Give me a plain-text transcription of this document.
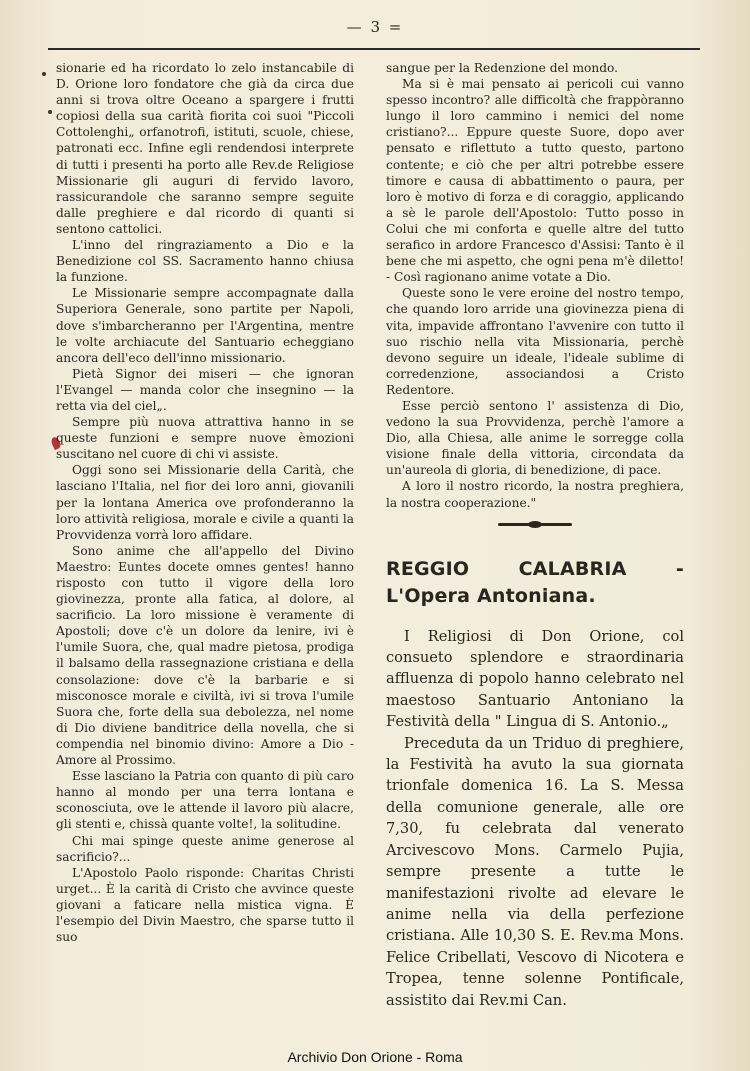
— 3 =

sionarie ed ha ricordato lo zelo instancabile di D. Orione loro fondatore che già da circa due anni si trova oltre Oceano a spargere i frutti copiosi della sua carità fiorita coi suoi "Piccoli Cottolenghi„ orfanotrofi, istituti, scuole, chiese, patronati ecc. Infine egli rendendosi interprete di tutti i presenti ha porto alle Rev.de Religiose Missionarie gli auguri di fervido lavoro, rassicurandole che saranno sempre seguite dalle preghiere e dal ricordo di quanti si sentono cattolici.

L'inno del ringraziamento a Dio e la Benedizione col SS. Sacramento hanno chiusa la funzione.

Le Missionarie sempre accompagnate dalla Superiora Generale, sono partite per Napoli, dove s'imbarcheranno per l'Argentina, mentre le volte archiacute del Santuario echeggiano ancora dell'eco dell'inno missionario.

Pietà Signor dei miseri — che ignoran l'Evangel — manda color che insegnino — la retta via del ciel„.

Sempre più nuova attrattiva hanno in se queste funzioni e sempre nuove èmozioni suscitano nel cuore di chi vi assiste.

Oggi sono sei Missionarie della Carità, che lasciano l'Italia, nel fior dei loro anni, giovanili per la lontana America ove profonderanno la loro attività religiosa, morale e civile a quanti la Provvidenza vorrà loro affidare.

Sono anime che all'appello del Divino Maestro: Euntes docete omnes gentes! hanno risposto con tutto il vigore della loro giovinezza, pronte alla fatica, al dolore, al sacrificio. La loro missione è veramente di Apostoli; dove c'è un dolore da lenire, ivi è l'umile Suora, che, qual madre pietosa, prodiga il balsamo della rassegnazione cristiana e della consolazione: dove c'è la barbarie e si misconosce morale e civiltà, ivi si trova l'umile Suora che, forte della sua debolezza, nel nome di Dio diviene banditrice della novella, che si compendia nel binomio divino: Amore a Dio - Amore al Prossimo.

Esse lasciano la Patria con quanto di più caro hanno al mondo per una terra lontana e sconosciuta, ove le attende il lavoro più alacre, gli stenti e, chissà quante volte!, la solitudine.

Chi mai spinge queste anime generose al sacrificio?...

L'Apostolo Paolo risponde: Charitas Christi urget... È la carità di Cristo che avvince queste giovani a faticare nella mistica vigna. È l'esempio del Divin Maestro, che sparse tutto il suo

sangue per la Redenzione del mondo.

Ma si è mai pensato ai pericoli cui vanno spesso incontro? alle difficoltà che frappòranno lungo il loro cammino i nemici del nome cristiano?... Eppure queste Suore, dopo aver pensato e riflettuto a tutto questo, partono contente; e ciò che per altri potrebbe essere timore e causa di abbattimento o paura, per loro è motivo di forza e di coraggio, applicando a sè le parole dell'Apostolo: Tutto posso in Colui che mi conforta e quelle altre del tutto serafico in ardore Francesco d'Assisi: Tanto è il bene che mi aspetto, che ogni pena m'è diletto! - Così ragionano anime votate a Dio.

Queste sono le vere eroine del nostro tempo, che quando loro arride una giovinezza piena di vita, impavide affrontano l'avvenire con tutto il suo rischio nella vita Missionaria, perchè devono seguire un ideale, l'ideale sublime di corredenzione, associandosi a Cristo Redentore.

Esse perciò sentono l' assistenza di Dio, vedono la sua Provvidenza, perchè l'amore a Dio, alla Chiesa, alle anime le sorregge colla visione finale della vittoria, circondata da un'aureola di gloria, di benedizione, di pace.

A loro il nostro ricordo, la nostra preghiera, la nostra cooperazione."

REGGIO CALABRIA - L'Opera Antoniana.

I Religiosi di Don Orione, col consueto splendore e straordinaria affluenza di popolo hanno celebrato nel maestoso Santuario Antoniano la Festività della " Lingua di S. Antonio.„

Preceduta da un Triduo di preghiere, la Festività ha avuto la sua giornata trionfale domenica 16. La S. Messa della comunione generale, alle ore 7,30, fu celebrata dal venerato Arcivescovo Mons. Carmelo Pujia, sempre presente a tutte le manifestazioni rivolte ad elevare le anime nella via della perfezione cristiana. Alle 10,30 S. E. Rev.ma Mons. Felice Cribellati, Vescovo di Nicotera e Tropea, tenne solenne Pontificale, assistito dai Rev.mi Can.

Archivio Don Orione - Roma
